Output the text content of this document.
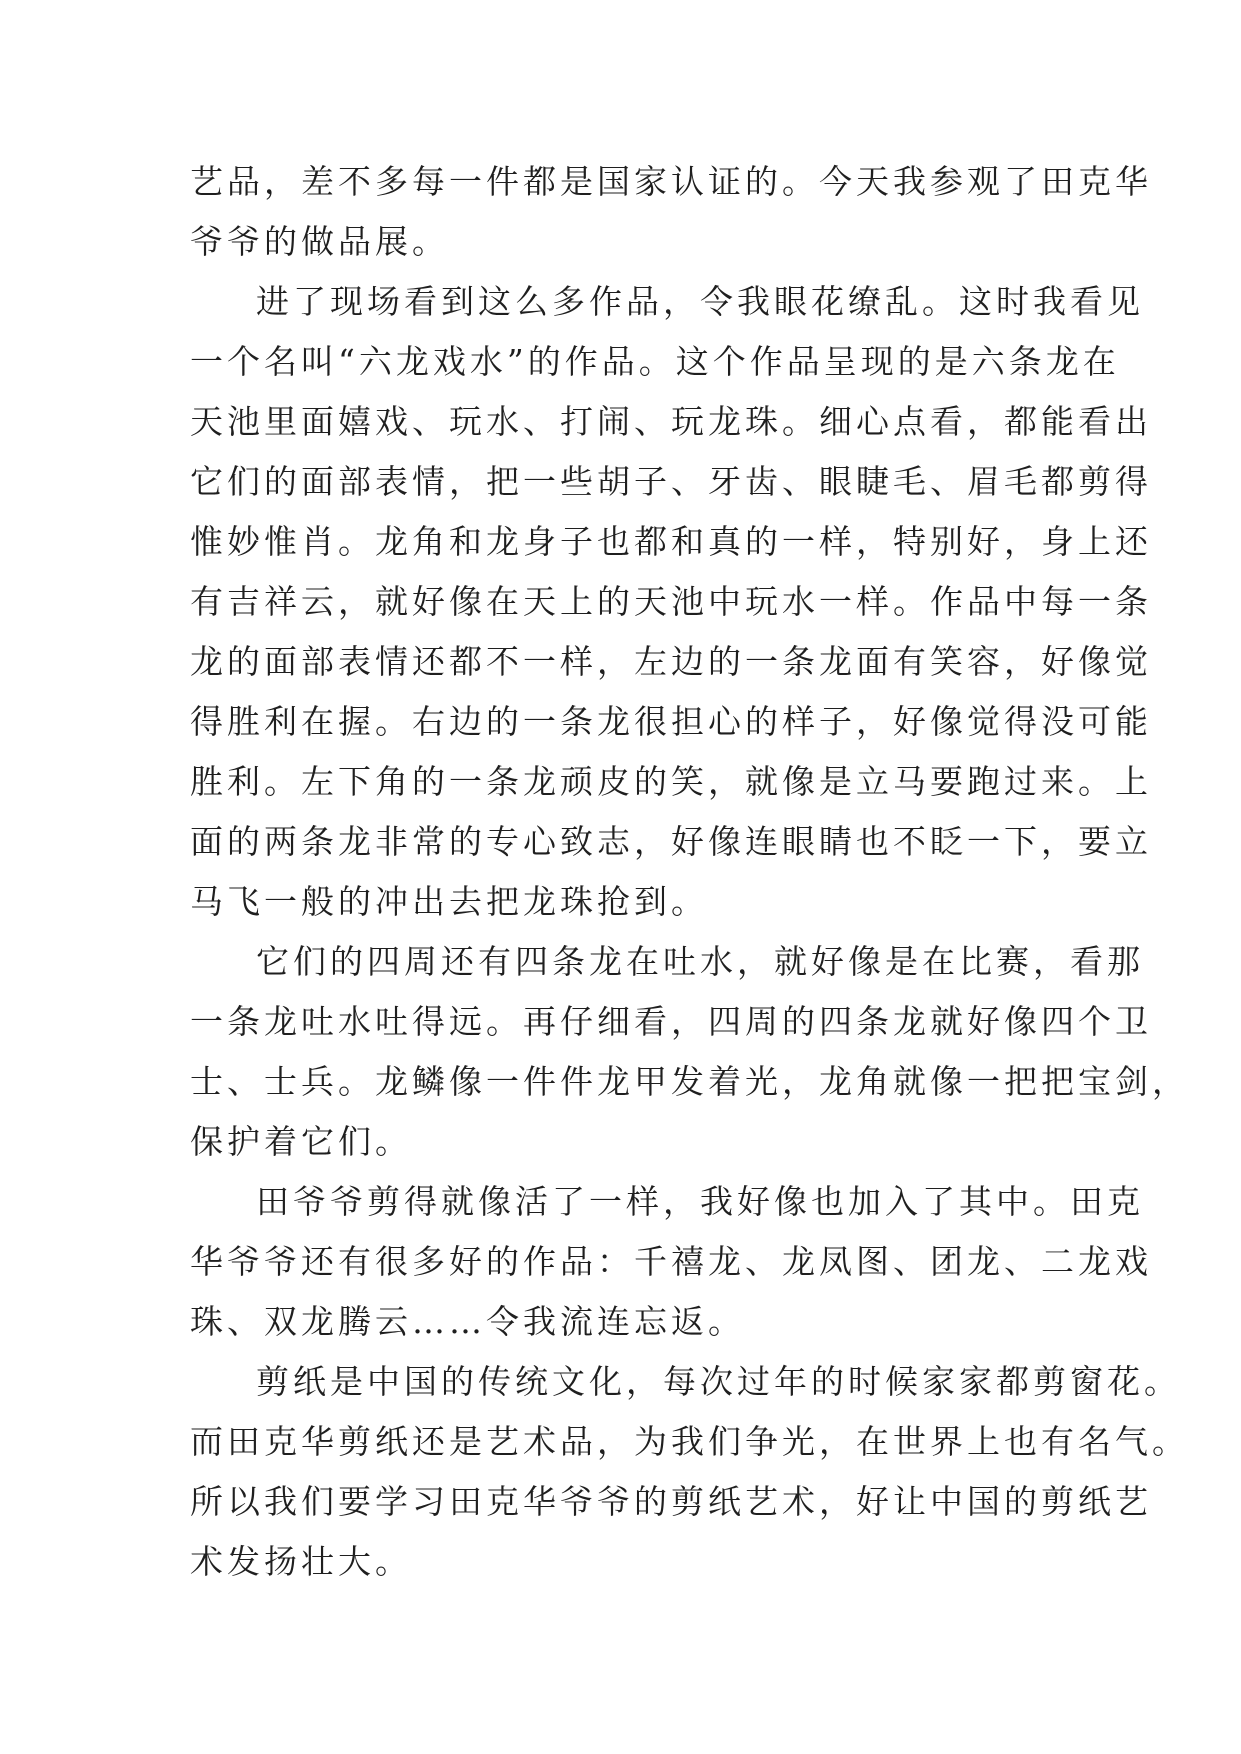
艺品，差不多每一件都是国家认证的。今天我参观了田克华
爷爷的做品展。
进了现场看到这么多作品，令我眼花缭乱。这时我看见
一个名叫“六龙戏水”的作品。这个作品呈现的是六条龙在
天池里面嬉戏、玩水、打闹、玩龙珠。细心点看，都能看出
它们的面部表情，把一些胡子、牙齿、眼睫毛、眉毛都剪得
惟妙惟肖。龙角和龙身子也都和真的一样，特别好，身上还
有吉祥云，就好像在天上的天池中玩水一样。作品中每一条
龙的面部表情还都不一样，左边的一条龙面有笑容，好像觉
得胜利在握。右边的一条龙很担心的样子，好像觉得没可能
胜利。左下角的一条龙顽皮的笑，就像是立马要跑过来。上
面的两条龙非常的专心致志，好像连眼睛也不眨一下，要立
马飞一般的冲出去把龙珠抢到。
它们的四周还有四条龙在吐水，就好像是在比赛，看那
一条龙吐水吐得远。再仔细看，四周的四条龙就好像四个卫
士、士兵。龙鳞像一件件龙甲发着光，龙角就像一把把宝剑，
保护着它们。
田爷爷剪得就像活了一样，我好像也加入了其中。田克
华爷爷还有很多好的作品：千禧龙、龙凤图、团龙、二龙戏
珠、双龙腾云……令我流连忘返。
剪纸是中国的传统文化，每次过年的时候家家都剪窗花。
而田克华剪纸还是艺术品，为我们争光，在世界上也有名气。
所以我们要学习田克华爷爷的剪纸艺术，好让中国的剪纸艺
术发扬壮大。
